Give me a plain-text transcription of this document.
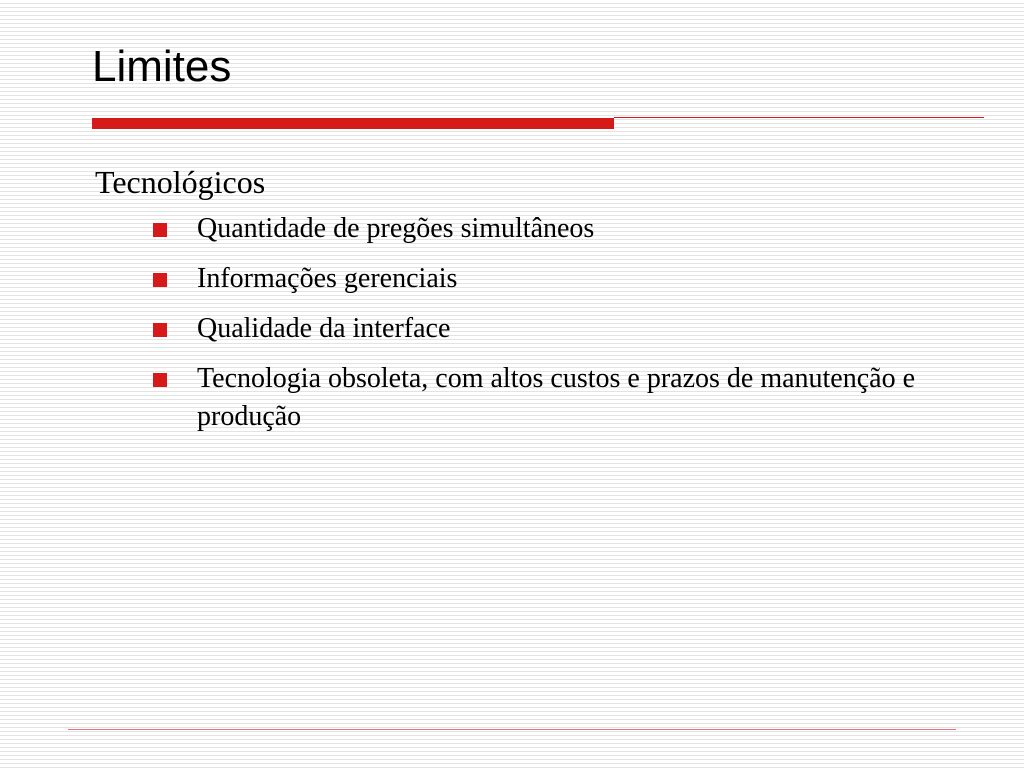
Limites
Tecnológicos
Quantidade de pregões simultâneos
Informações gerenciais
Qualidade da interface
Tecnologia obsoleta, com altos custos e prazos de manutenção e produção
